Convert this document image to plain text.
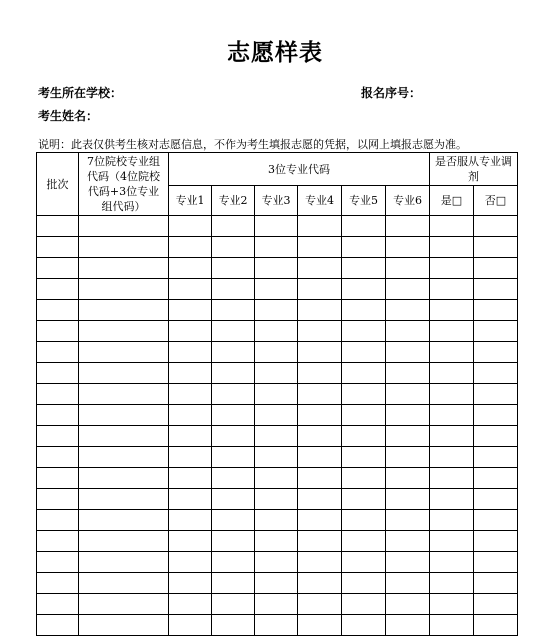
志愿样表
考生所在学校：	报名序号：
考生姓名：
说明：此表仅供考生核对志愿信息，不作为考生填报志愿的凭据，以网上填报志愿为准。
批次	7位院校专业组代码（4位院校代码+3位专业组代码）	3位专业代码						是否服从专业调剂	
		专业1	专业2	专业3	专业4	专业5	专业6	是□	否□
